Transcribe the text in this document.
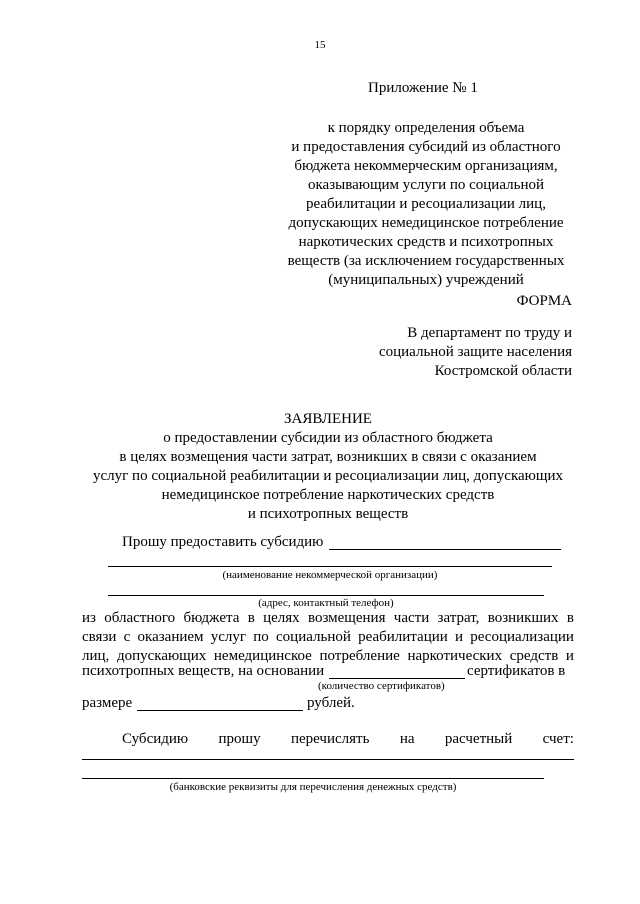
15
Приложение № 1
к порядку определения объема
и предоставления субсидий из областного
бюджета некоммерческим организациям,
оказывающим услуги по социальной
реабилитации и ресоциализации лиц,
допускающих немедицинское потребление
наркотических средств и психотропных
веществ (за исключением государственных
(муниципальных) учреждений
ФОРМА
В департамент по труду и
социальной защите населения
Костромской области
ЗАЯВЛЕНИЕ
о предоставлении субсидии из областного бюджета
в целях возмещения части затрат, возникших в связи с оказанием
услуг по социальной реабилитации и ресоциализации лиц, допускающих
немедицинское потребление наркотических средств
и психотропных веществ
Прошу предоставить субсидию
(наименование некоммерческой организации)
(адрес, контактный телефон)
из областного бюджета в целях возмещения части затрат, возникших в
связи с оказанием услуг по социальной реабилитации и ресоциализации
лиц, допускающих немедицинское потребление наркотических средств и
психотропных веществ, на основании	сертификатов в
(количество сертификатов)
размере	рублей.
Субсидию прошу перечислять на расчетный счет:
(банковские реквизиты для перечисления денежных средств)
